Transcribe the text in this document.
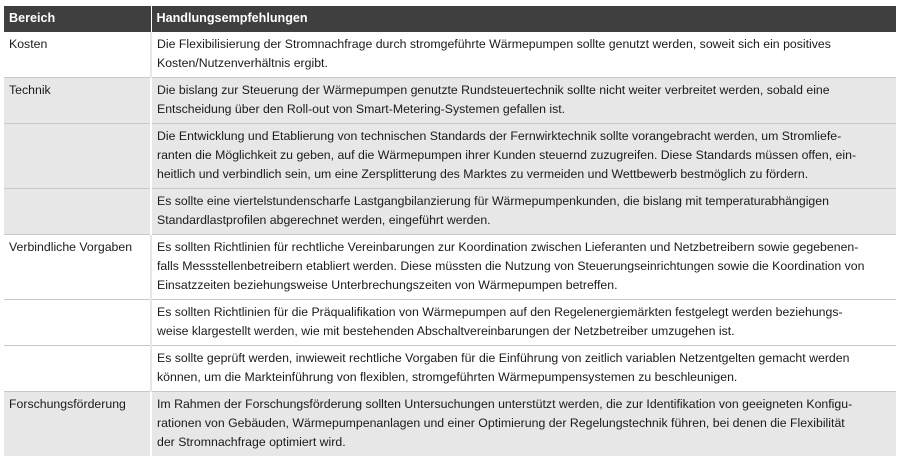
Bereich	Handlungsempfehlungen
Kosten	Die Flexibilisierung der Stromnachfrage durch stromgeführte Wärmepumpen sollte genutzt werden, soweit sich ein positives
Kosten/Nutzenverhältnis ergibt.

Technik	Die bislang zur Steuerung der Wärmepumpen genutzte Rundsteuertechnik sollte nicht weiter verbreitet werden, sobald eine
Entscheidung über den Roll-out von Smart-Metering-Systemen gefallen ist.

	Die Entwicklung und Etablierung von technischen Standards der Fernwirktechnik sollte vorangebracht werden, um Stromliefe-
ranten die Möglichkeit zu geben, auf die Wärmepumpen ihrer Kunden steuernd zuzugreifen. Diese Standards müssen offen, ein-
heitlich und verbindlich sein, um eine Zersplitterung des Marktes zu vermeiden und Wettbewerb bestmöglich zu fördern.

	Es sollte eine viertelstundenscharfe Lastgangbilanzierung für Wärmepumpenkunden, die bislang mit temperaturabhängigen
Standardlastprofilen abgerechnet werden, eingeführt werden.

Verbindliche Vorgaben	Es sollten Richtlinien für rechtliche Vereinbarungen zur Koordination zwischen Lieferanten und Netzbetreibern sowie gegebenen-
falls Messstellenbetreibern etabliert werden. Diese müssten die Nutzung von Steuerungseinrichtungen sowie die Koordination von
Einsatzzeiten beziehungsweise Unterbrechungszeiten von Wärmepumpen betreffen.

	Es sollten Richtlinien für die Präqualifikation von Wärmepumpen auf den Regelenergiemärkten festgelegt werden beziehungs-
weise klargestellt werden, wie mit bestehenden Abschaltvereinbarungen der Netzbetreiber umzugehen ist.

	Es sollte geprüft werden, inwieweit rechtliche Vorgaben für die Einführung von zeitlich variablen Netzentgelten gemacht werden
können, um die Markteinführung von flexiblen, stromgeführten Wärmepumpensystemen zu beschleunigen.

Forschungsförderung	Im Rahmen der Forschungsförderung sollten Untersuchungen unterstützt werden, die zur Identifikation von geeigneten Konfigu-
rationen von Gebäuden, Wärmepumpenanlagen und einer Optimierung der Regelungstechnik führen, bei denen die Flexibilität
der Stromnachfrage optimiert wird.
